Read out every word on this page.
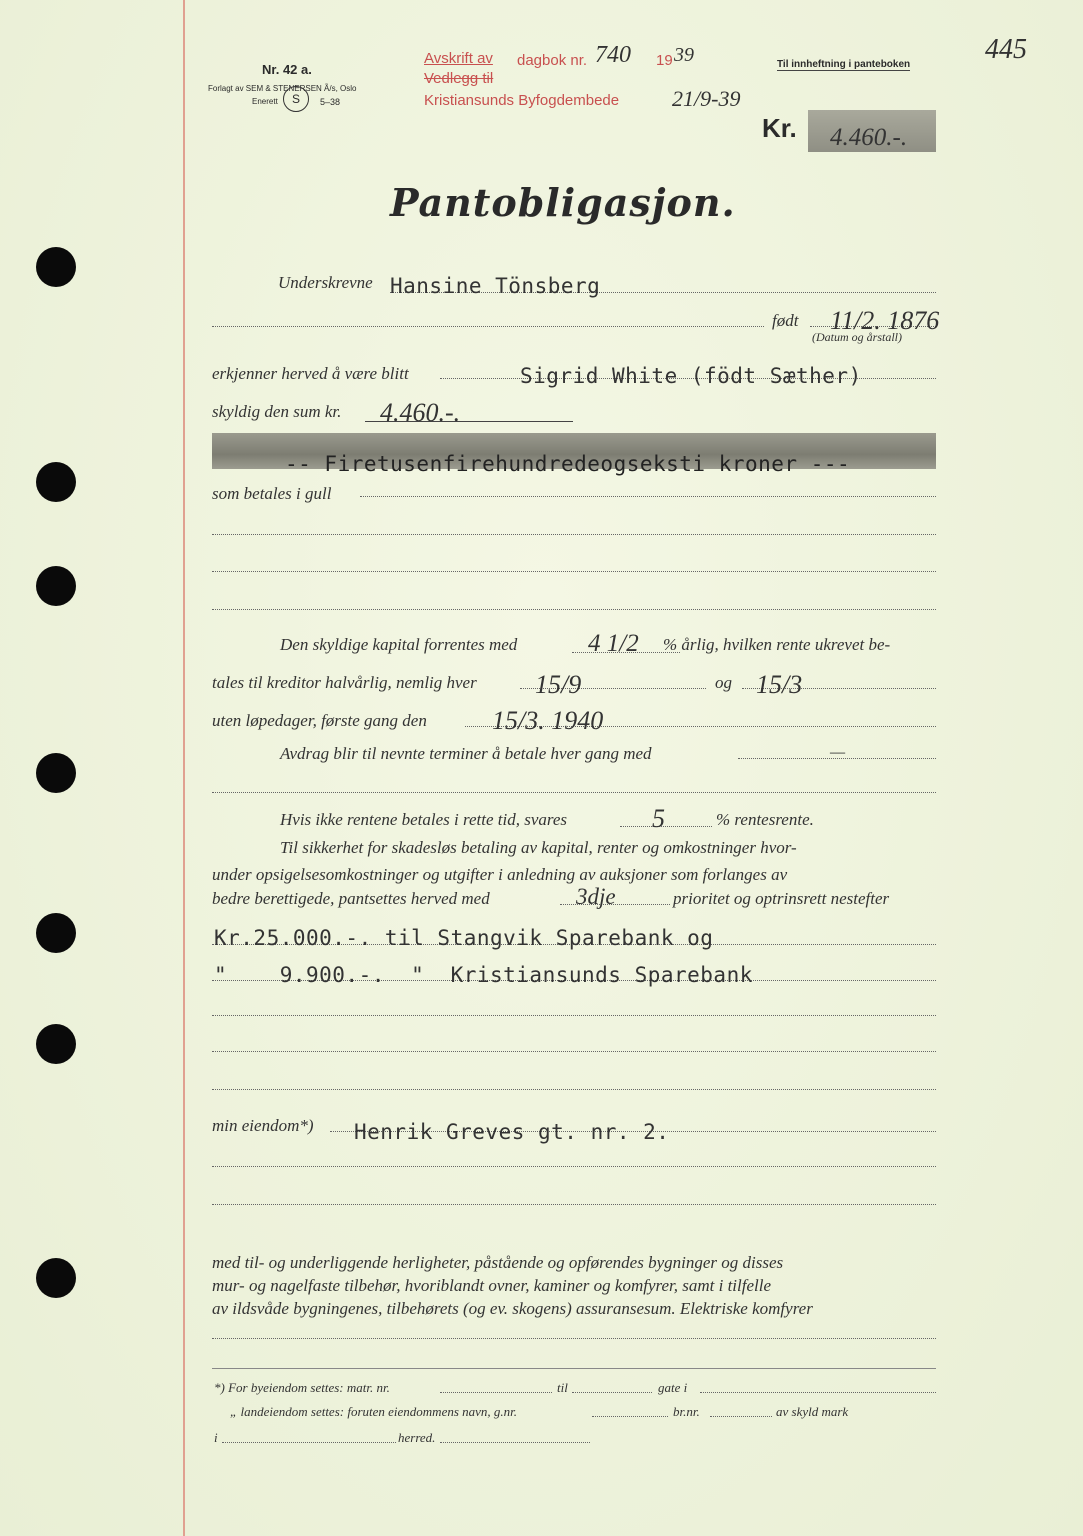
Nr. 42 a.
Forlagt av SEM & STENERSEN Ã/s, Oslo
Enerett	S	5–38
Avskrift av
Vedlegg til
dagbok nr. 740 19 39
Kristiansunds Byfogdembede 21/9-39
Til innheftning i panteboken	445
Kr. 4.460.-.
Pantobligasjon.
Underskrevne Hansine Tönsberg
født 11/2. 1876
(Datum og årstall)
erkjenner herved å være blitt	Sigrid White (födt Sæther)
skyldig den sum kr. 4.460.-.
-- Firetusenfirehundredeogseksti kroner ---
som betales i gull
Den skyldige kapital forrentes med	4 1/2 % årlig, hvilken rente ukrevet be-
tales til kreditor halvårlig, nemlig hver 15/9	og 15/3
uten løpedager, første gang den	15/3. 1940
Avdrag blir til nevnte terminer å betale hver gang med	—
Hvis ikke rentene betales i rette tid, svares	5	% rentesrente.
Til sikkerhet for skadesløs betaling av kapital, renter og omkostninger hvor-
under opsigelsesomkostninger og utgifter i anledning av auksjoner som forlanges av
bedre berettigede, pantsettes herved med	3dje	prioritet og optrinsrett nestefter
Kr.25.000.-. til Stangvik Sparebank og
"    9.900.-.  "  Kristiansunds Sparebank
min eiendom*) Henrik Greves gt. nr. 2.
med til- og underliggende herligheter, påstående og opførendes bygninger og disses
mur- og nagelfaste tilbehør, hvoriblandt ovner, kaminer og komfyrer, samt i tilfelle
av ildsvåde bygningenes, tilbehørets (og ev. skogens) assuransesum. Elektriske komfyrer
*) For byeiendom settes: matr. nr.	til	gate i
„ landeiendom settes: foruten eiendommens navn, g.nr.	br.nr.	av skyld mark
i	herred.
